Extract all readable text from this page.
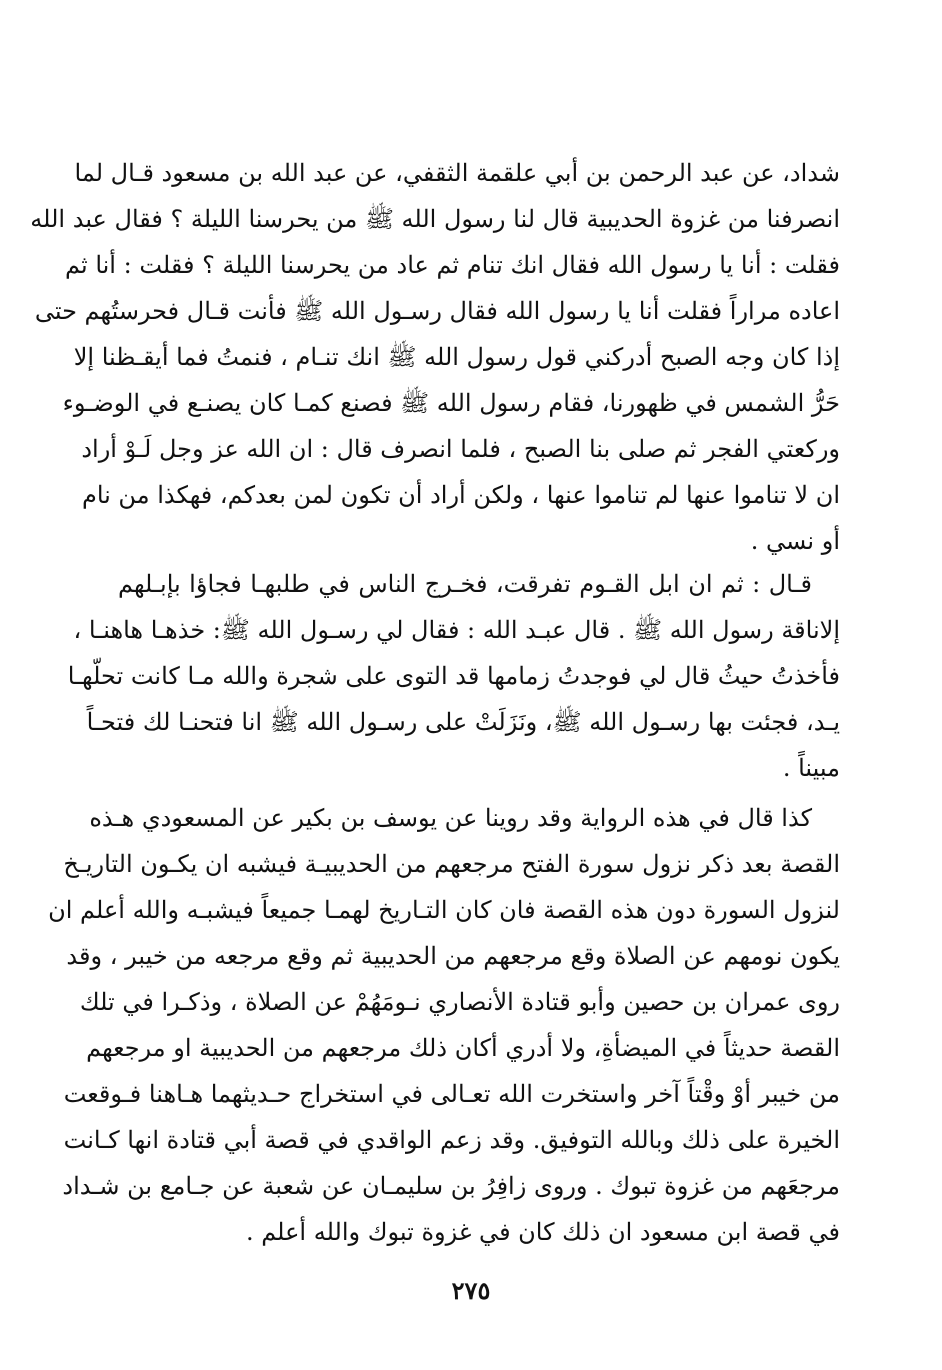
شداد، عن عبد الرحمن بن أبي علقمة الثقفي، عن عبد الله بن مسعود قـال لما
انصرفنا من غزوة الحديبية قال لنا رسول الله ﷺ من يحرسنا الليلة ؟ فقال عبد الله
فقلت : أنا يا رسول الله فقال انك تنام ثم عاد من يحرسنا الليلة ؟ فقلت : أنا ثم
اعاده مراراً فقلت أنا يا رسول الله فقال رسـول الله ﷺ فأنت قـال فحرستُهم حتى
إذا كان وجه الصبح أدركني قول رسول الله ﷺ انك تنـام ، فنمتُ فما أيقـظنا إلا
حَرُّ الشمس في ظهورنا، فقام رسول الله ﷺ فصنع كمـا كان يصنـع في الوضـوء
وركعتي الفجر ثم صلى بنا الصبح ، فلما انصرف قال : ان الله عز وجل لَـوْ أراد
ان لا تناموا عنها لم تناموا عنها ، ولكن أراد أن تكون لمن بعدكم، فهكذا من نام
أو نسي .
قـال : ثم ان ابل القـوم تفرقت، فخـرج الناس في طلبهـا فجاؤا بإبـلهم
إلاناقة رسول الله ﷺ . قال عبـد الله : فقال لي رسـول الله ﷺ: خذهـا هاهنـا ،
فأخذتُ حيثُ قال لي فوجدتُ زمامها قد التوى على شجرة والله مـا كانت تحلّهـا
يـد، فجئت بها رسـول الله ﷺ، ونَزَلَتْ على رسـول الله ﷺ انا فتحنـا لك فتحـاً
مبيناً .
كذا قال في هذه الرواية وقد روينا عن يوسف بن بكير عن المسعودي هـذه
القصة بعد ذكر نزول سورة الفتح مرجعهم من الحديبيـة فيشبه ان يكـون التاريـخ
لنزول السورة دون هذه القصة فان كان التـاريخ لهمـا جميعاً فيشبـه والله أعلم ان
يكون نومهم عن الصلاة وقع مرجعهم من الحديبية ثم وقع مرجعه من خيبر ، وقد
روى عمران بن حصين وأبو قتادة الأنصاري نـومَهُمْ عن الصلاة ، وذكـرا في تلك
القصة حديثاً في الميضأةِ، ولا أدري أكان ذلك مرجعهم من الحديبية او مرجعهم
من خيبر أوْ وقْتاً آخر واستخرت الله تعـالى في استخراج حـديثهما هـاهنا فـوقعت
الخيرة على ذلك وبالله التوفيق. وقد زعم الواقدي في قصة أبي قتادة انها كـانت
مرجعَهم من غزوة تبوك . وروى زافِرُ بن سليمـان عن شعبة عن جـامع بن شـداد
في قصة ابن مسعود ان ذلك كان في غزوة تبوك والله أعلم .
٢٧٥
